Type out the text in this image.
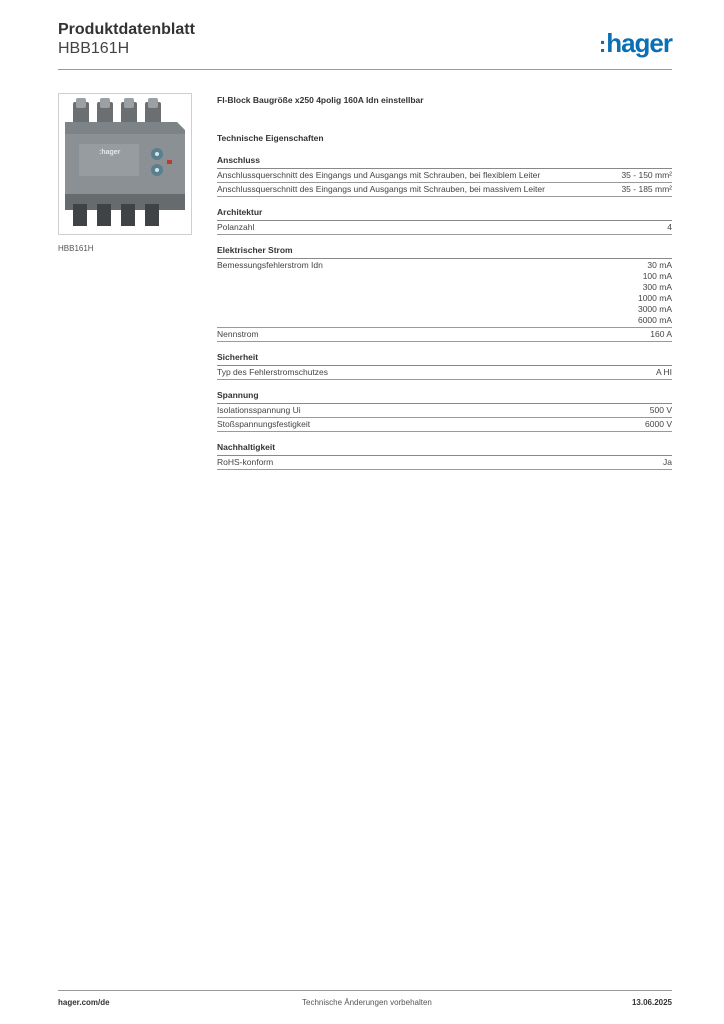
Produktdatenblatt
HBB161H	:hager
:hager
HBB161H
FI-Block Baugröße x250 4polig 160A Idn einstellbar
Technische Eigenschaften
Anschluss
Anschlussquerschnitt des Eingangs und Ausgangs mit Schrauben, bei flexiblem Leiter	35 - 150 mm²
Anschlussquerschnitt des Eingangs und Ausgangs mit Schrauben, bei massivem Leiter	35 - 185 mm²
Architektur
Polanzahl	4
Elektrischer Strom
Bemessungsfehlerstrom Idn	30 mA
100 mA
300 mA
1000 mA
3000 mA
6000 mA
Nennstrom	160 A
Sicherheit
Typ des Fehlerstromschutzes	A HI
Spannung
Isolationsspannung Ui	500 V
Stoßspannungsfestigkeit	6000 V
Nachhaltigkeit
RoHS-konform	Ja
hager.com/de	Technische Änderungen vorbehalten	13.06.2025
